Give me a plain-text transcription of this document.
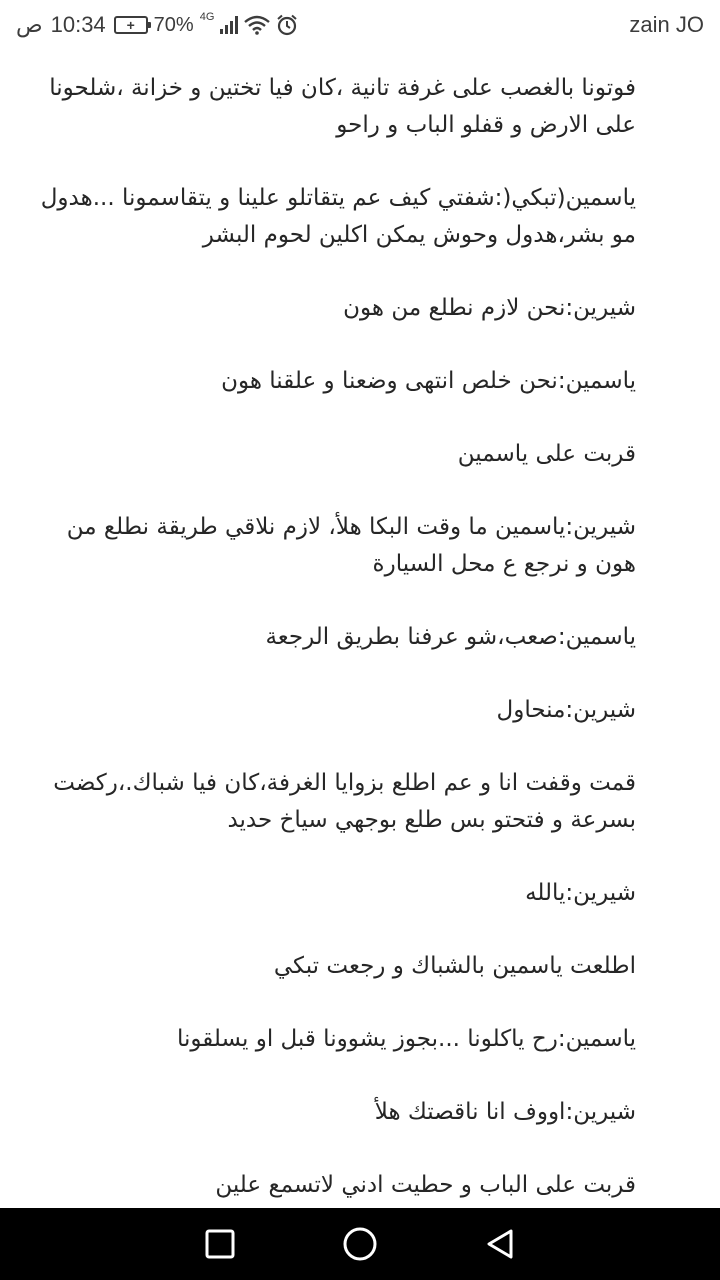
ص 10:34 + 70% 4G	zain JO

فوتونا بالغصب على غرفة تانية ،كان فيا تختين و خزانة ،شلحونا على الارض و قفلو الباب و راحو

ياسمين(تبكي(:شفتي كيف عم يتقاتلو علينا و يتقاسمونا ...هدول مو بشر،هدول وحوش يمكن اكلين لحوم البشر

شيرين:نحن لازم نطلع من هون

ياسمين:نحن خلص انتهى وضعنا و علقنا هون

قربت على ياسمين

شيرين:ياسمين ما وقت البكا هلأ، لازم نلاقي طريقة نطلع من هون و نرجع ع محل السيارة

ياسمين:صعب،شو عرفنا بطريق الرجعة

شيرين:منحاول

قمت وقفت انا و عم اطلع بزوايا الغرفة،كان فيا شباك.،ركضت بسرعة و فتحتو بس طلع بوجهي سياخ حديد

شيرين:يالله

اطلعت ياسمين بالشباك و رجعت تبكي

ياسمين:رح ياكلونا ...بجوز يشوونا قبل او يسلقونا

شيرين:اووف انا ناقصتك هلأ

قربت على الباب و حطيت ادني لاتسمع علين
